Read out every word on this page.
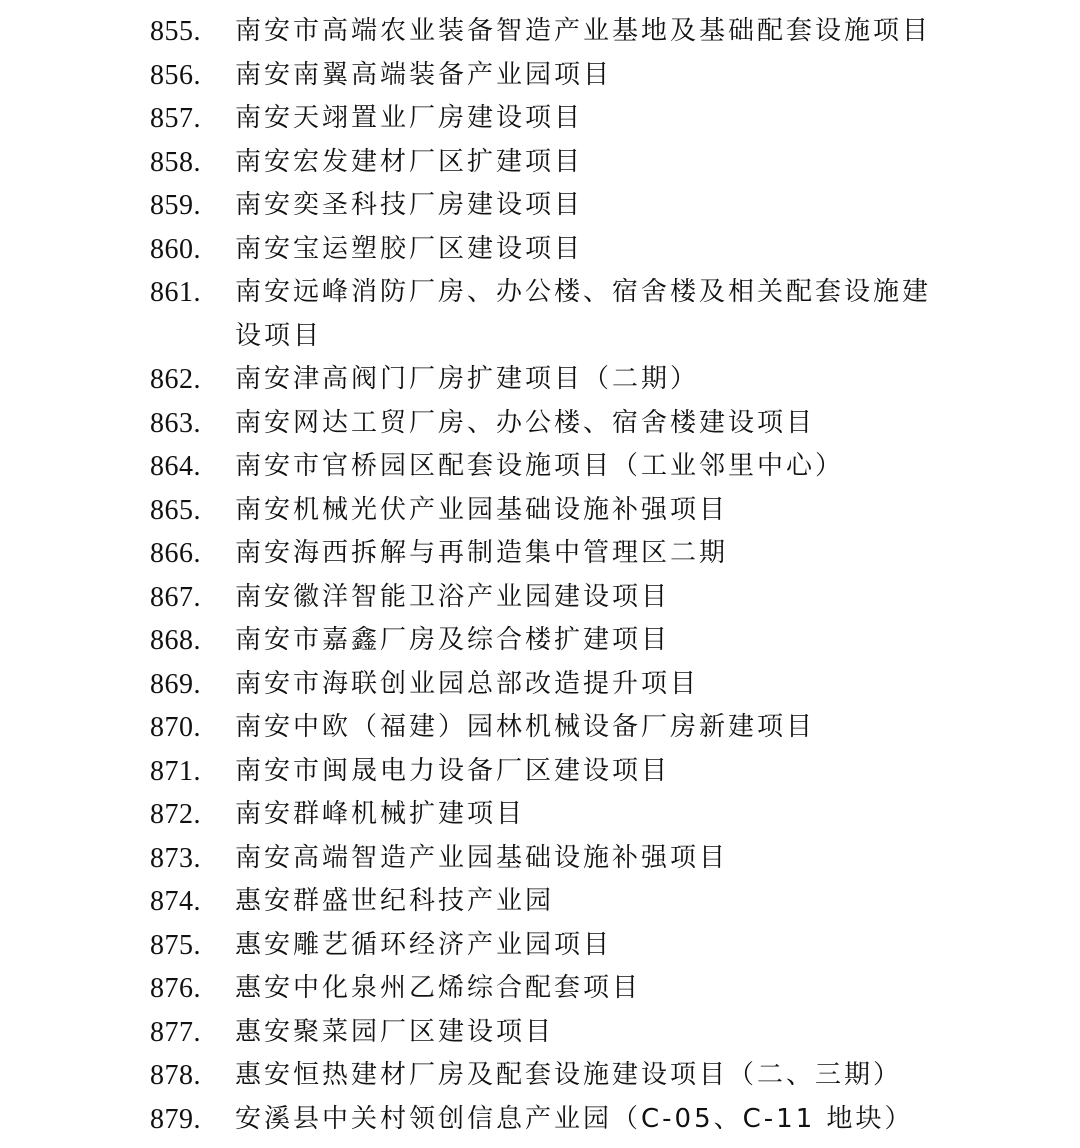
855. 南安市高端农业装备智造产业基地及基础配套设施项目
856. 南安南翼高端装备产业园项目
857. 南安天翊置业厂房建设项目
858. 南安宏发建材厂区扩建项目
859. 南安奕圣科技厂房建设项目
860. 南安宝运塑胶厂区建设项目
861. 南安远峰消防厂房、办公楼、宿舍楼及相关配套设施建设项目
862. 南安津高阀门厂房扩建项目（二期）
863. 南安网达工贸厂房、办公楼、宿舍楼建设项目
864. 南安市官桥园区配套设施项目（工业邻里中心）
865. 南安机械光伏产业园基础设施补强项目
866. 南安海西拆解与再制造集中管理区二期
867. 南安徽洋智能卫浴产业园建设项目
868. 南安市嘉鑫厂房及综合楼扩建项目
869. 南安市海联创业园总部改造提升项目
870. 南安中欧（福建）园林机械设备厂房新建项目
871. 南安市闽晟电力设备厂区建设项目
872. 南安群峰机械扩建项目
873. 南安高端智造产业园基础设施补强项目
874. 惠安群盛世纪科技产业园
875. 惠安雕艺循环经济产业园项目
876. 惠安中化泉州乙烯综合配套项目
877. 惠安聚菜园厂区建设项目
878. 惠安恒热建材厂房及配套设施建设项目（二、三期）
879. 安溪县中关村领创信息产业园（C-05、C-11 地块）
